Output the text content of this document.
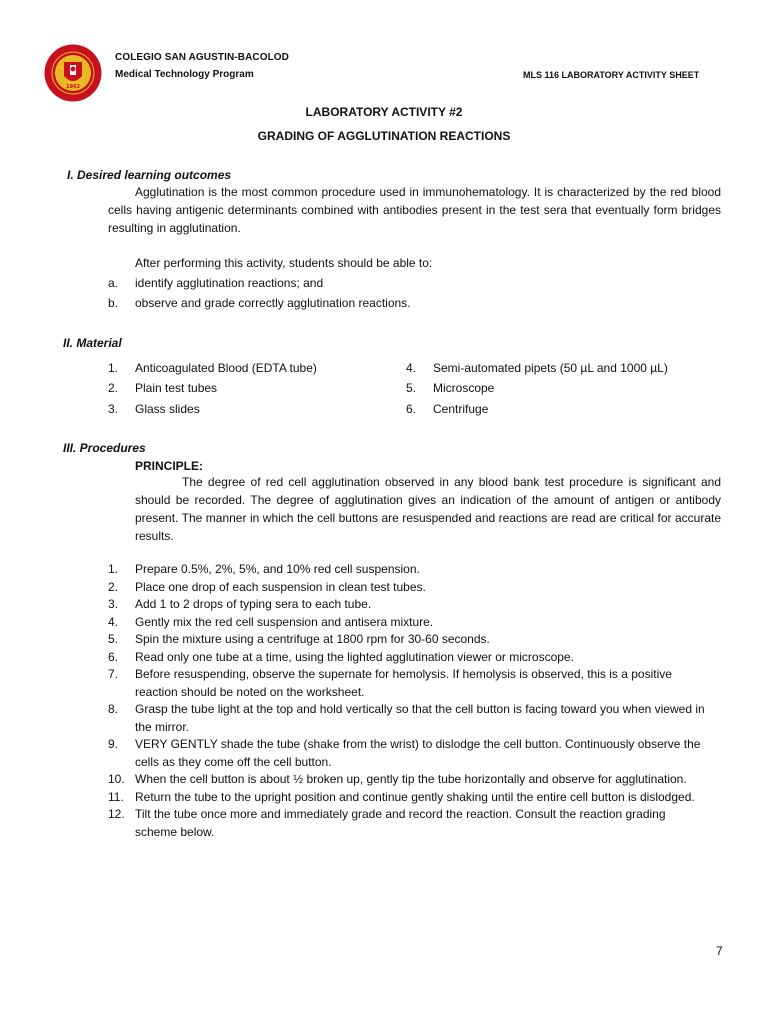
1962
COLEGIO SAN AGUSTIN-BACOLOD
Medical Technology Program	MLS 116 LABORATORY ACTIVITY SHEET
LABORATORY ACTIVITY #2
GRADING OF AGGLUTINATION REACTIONS
I. Desired learning outcomes
Agglutination is the most common procedure used in immunohematology. It is characterized by the red blood cells having antigenic determinants combined with antibodies present in the test sera that eventually form bridges resulting in agglutination.
After performing this activity, students should be able to:
a. identify agglutination reactions; and
b. observe and grade correctly agglutination reactions.
II. Material
1. Anticoagulated Blood (EDTA tube)
2. Plain test tubes
3. Glass slides
4. Semi-automated pipets (50 µL and 1000 µL)
5. Microscope
6. Centrifuge
III. Procedures
PRINCIPLE:
The degree of red cell agglutination observed in any blood bank test procedure is significant and should be recorded. The degree of agglutination gives an indication of the amount of antigen or antibody present. The manner in which the cell buttons are resuspended and reactions are read are critical for accurate results.
1. Prepare 0.5%, 2%, 5%, and 10% red cell suspension.
2. Place one drop of each suspension in clean test tubes.
3. Add 1 to 2 drops of typing sera to each tube.
4. Gently mix the red cell suspension and antisera mixture.
5. Spin the mixture using a centrifuge at 1800 rpm for 30-60 seconds.
6. Read only one tube at a time, using the lighted agglutination viewer or microscope.
7. Before resuspending, observe the supernate for hemolysis. If hemolysis is observed, this is a positive reaction should be noted on the worksheet.
8. Grasp the tube light at the top and hold vertically so that the cell button is facing toward you when viewed in the mirror.
9. VERY GENTLY shade the tube (shake from the wrist) to dislodge the cell button. Continuously observe the cells as they come off the cell button.
10. When the cell button is about ½ broken up, gently tip the tube horizontally and observe for agglutination.
11. Return the tube to the upright position and continue gently shaking until the entire cell button is dislodged.
12. Tilt the tube once more and immediately grade and record the reaction. Consult the reaction grading scheme below.
7
